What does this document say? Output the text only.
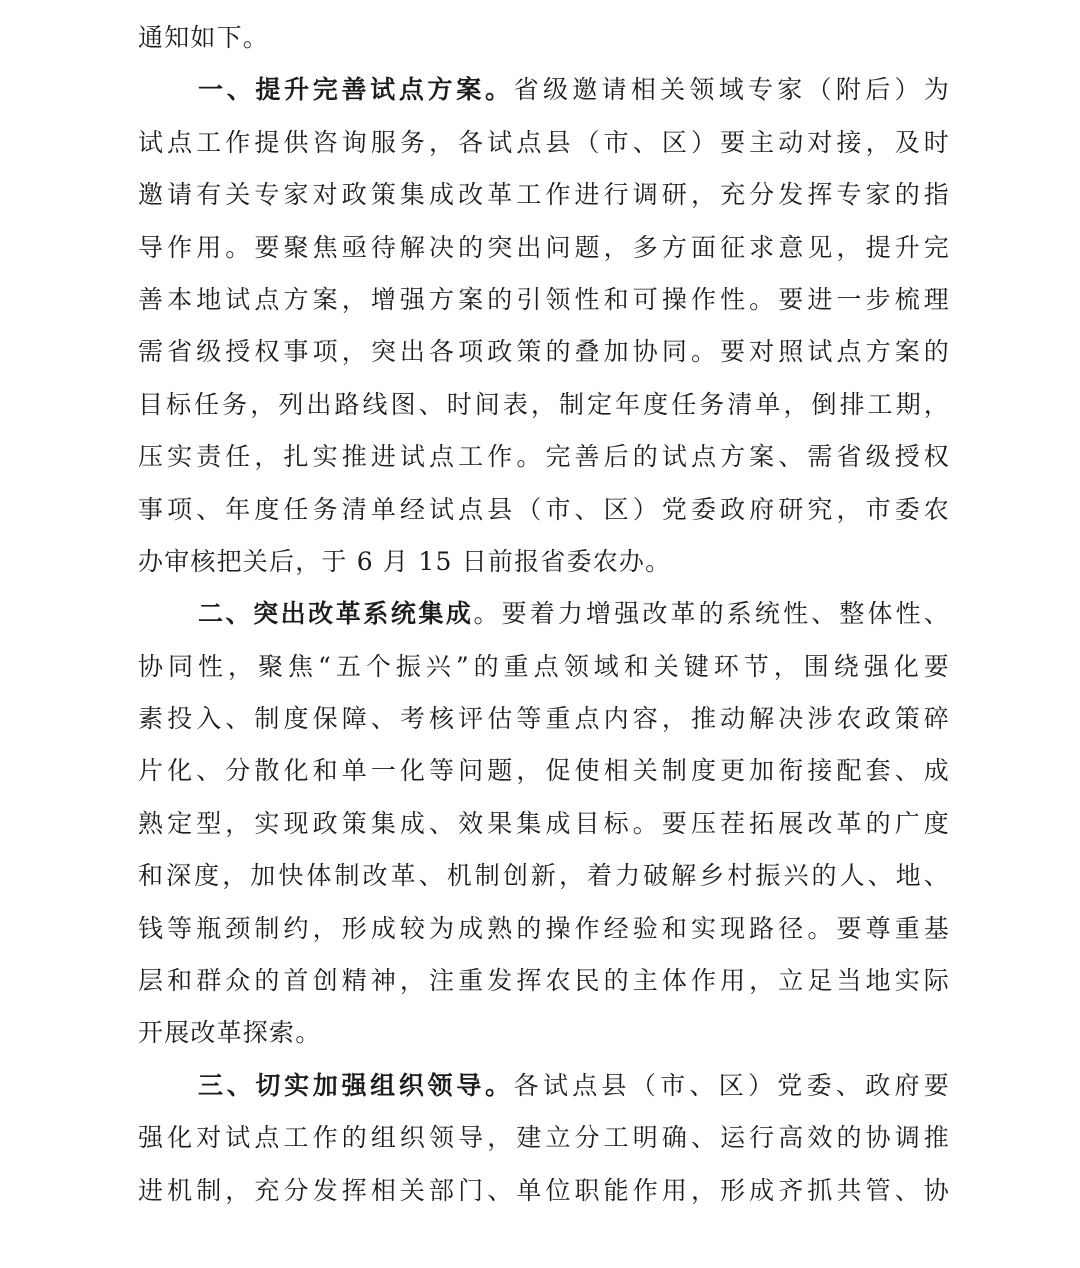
通知如下。
一、提升完善试点方案。省级邀请相关领域专家（附后）为
试点工作提供咨询服务，各试点县（市、区）要主动对接，及时
邀请有关专家对政策集成改革工作进行调研，充分发挥专家的指
导作用。要聚焦亟待解决的突出问题，多方面征求意见，提升完
善本地试点方案，增强方案的引领性和可操作性。要进一步梳理
需省级授权事项，突出各项政策的叠加协同。要对照试点方案的
目标任务，列出路线图、时间表，制定年度任务清单，倒排工期，
压实责任，扎实推进试点工作。完善后的试点方案、需省级授权
事项、年度任务清单经试点县（市、区）党委政府研究，市委农
办审核把关后，于 6 月 15 日前报省委农办。
二、突出改革系统集成。要着力增强改革的系统性、整体性、
协同性，聚焦“五个振兴”的重点领域和关键环节，围绕强化要
素投入、制度保障、考核评估等重点内容，推动解决涉农政策碎
片化、分散化和单一化等问题，促使相关制度更加衔接配套、成
熟定型，实现政策集成、效果集成目标。要压茬拓展改革的广度
和深度，加快体制改革、机制创新，着力破解乡村振兴的人、地、
钱等瓶颈制约，形成较为成熟的操作经验和实现路径。要尊重基
层和群众的首创精神，注重发挥农民的主体作用，立足当地实际
开展改革探索。
三、切实加强组织领导。各试点县（市、区）党委、政府要
强化对试点工作的组织领导，建立分工明确、运行高效的协调推
进机制，充分发挥相关部门、单位职能作用，形成齐抓共管、协
